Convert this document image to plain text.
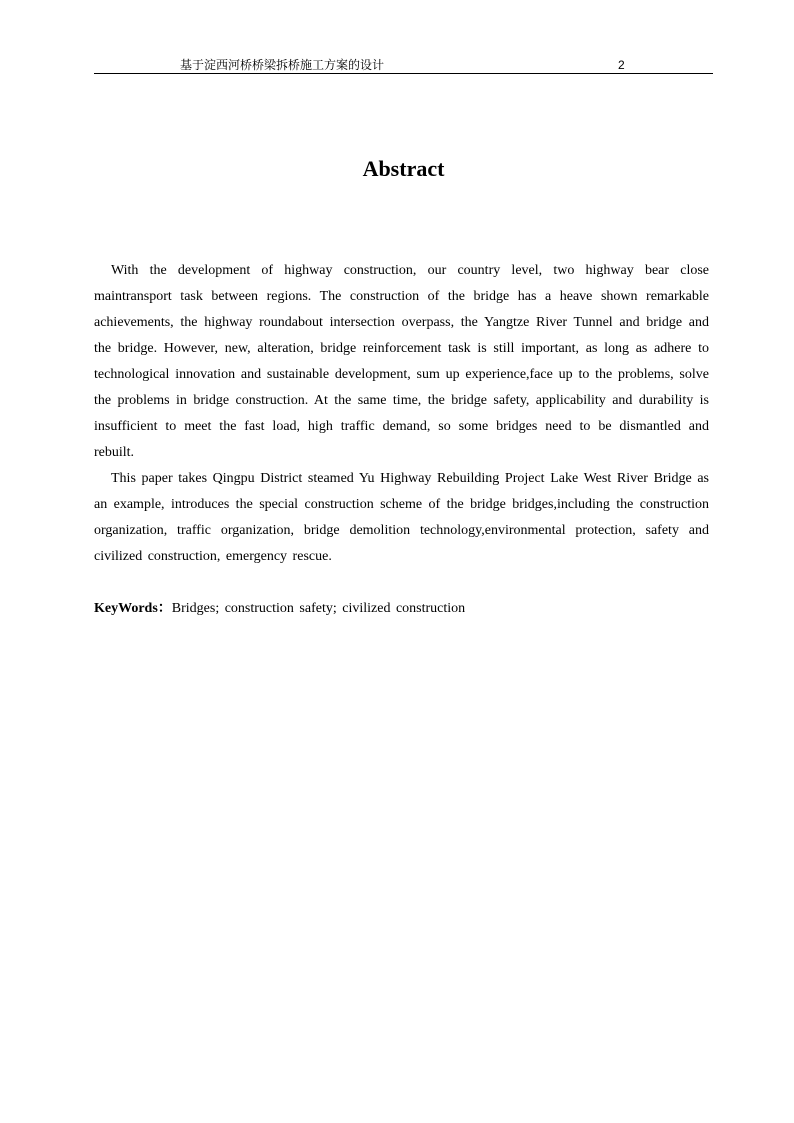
基于淀西河桥桥梁拆桥施工方案的设计	2
Abstract

With the development of highway construction, our country level, two highway bear close maintransport task between regions. The construction of the bridge has a heave shown remarkable achievements, the highway roundabout intersection overpass, the Yangtze River Tunnel and bridge and the bridge. However, new, alteration, bridge reinforcement task is still important, as long as adhere to technological innovation and sustainable development, sum up experience,face up to the problems, solve the problems in bridge construction. At the same time, the bridge safety, applicability and durability is insufficient to meet the fast load, high traffic demand, so some bridges need to be dismantled and rebuilt.

This paper takes Qingpu District steamed Yu Highway Rebuilding Project Lake West River Bridge as an example, introduces the special construction scheme of the bridge bridges,including the construction organization, traffic organization, bridge demolition technology,environmental protection, safety and civilized construction, emergency rescue.

KeyWords：Bridges; construction safety; civilized construction
